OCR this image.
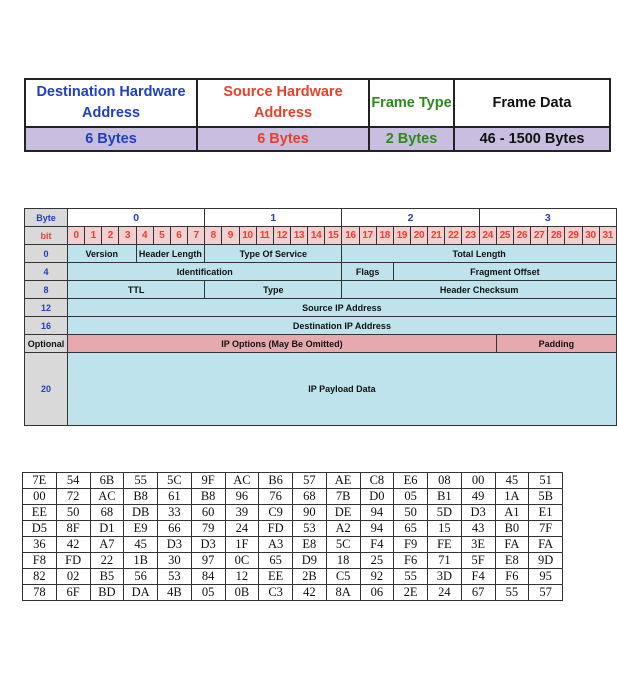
Destination Hardware Address	Source Hardware Address	Frame Type	Frame Data
6 Bytes	6 Bytes	2 Bytes	46 - 1500 Bytes
Byte	0								1								2								3							
bit	0	1	2	3	4	5	6	7	8	9	10	11	12	13	14	15	16	17	18	19	20	21	22	23	24	25	26	27	28	29	30	31
0	Version				Header Length				Type Of Service								Total Length															
4	Identification																Flags			Fragment Offset												
8	TTL								Type								Header Checksum															
12	Source IP Address																															
16	Destination IP Address																															
Optional	IP Options (May Be Omitted)																									Padding						
20	IP Payload Data																															
7E	54	6B	55	5C	9F	AC	B6	57	AE	C8	E6	08	00	45	51
00	72	AC	B8	61	B8	96	76	68	7B	D0	05	B1	49	1A	5B
EE	50	68	DB	33	60	39	C9	90	DE	94	50	5D	D3	A1	E1
D5	8F	D1	E9	66	79	24	FD	53	A2	94	65	15	43	B0	7F
36	42	A7	45	D3	D3	1F	A3	E8	5C	F4	F9	FE	3E	FA	FA
F8	FD	22	1B	30	97	0C	65	D9	18	25	F6	71	5F	E8	9D
82	02	B5	56	53	84	12	EE	2B	C5	92	55	3D	F4	F6	95
78	6F	BD	DA	4B	05	0B	C3	42	8A	06	2E	24	67	55	57
